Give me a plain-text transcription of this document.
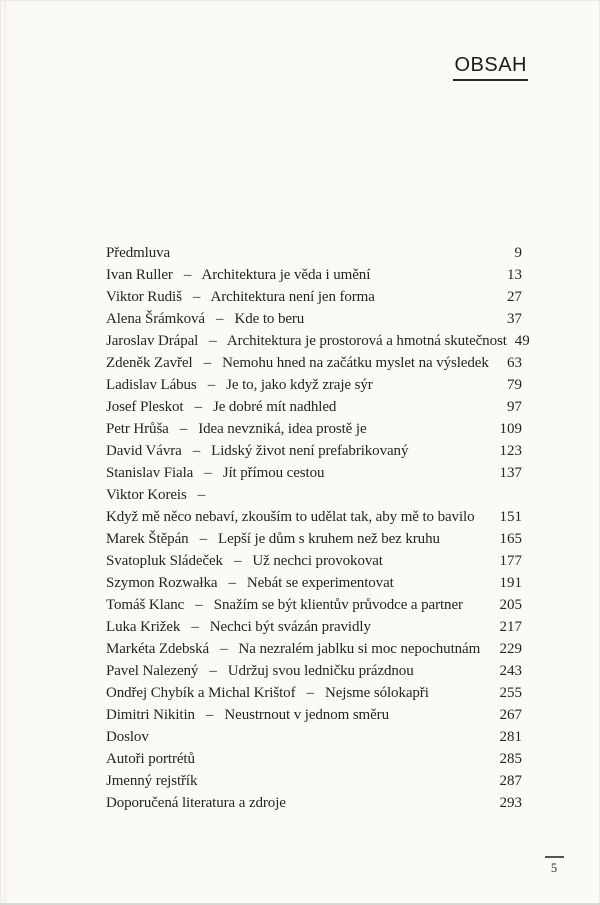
OBSAH
Předmluva	9
Ivan Ruller  –  Architektura je věda i umění	13
Viktor Rudiš  –  Architektura není jen forma	27
Alena Šrámková  –  Kde to beru	37
Jaroslav Drápal  –  Architektura je prostorová a hmotná skutečnost 49
Zdeněk Zavřel  –  Nemohu hned na začátku myslet na výsledek 63
Ladislav Lábus  –  Je to, jako když zraje sýr	79
Josef Pleskot  –  Je dobré mít nadhled	97
Petr Hrůša  –  Idea nevzniká, idea prostě je	109
David Vávra  –  Lidský život není prefabrikovaný	123
Stanislav Fiala  –  Jít přímou cestou	137
Viktor Koreis  –
Když mě něco nebaví, zkouším to udělat tak, aby mě to bavilo 151
Marek Štěpán  –  Lepší je dům s kruhem než bez kruhu	165
Svatopluk Sládeček  –  Už nechci provokovat	177
Szymon Rozwałka  –  Nebát se experimentovat	191
Tomáš Klanc  –  Snažím se být klientův průvodce a partner 205
Luka Križek  –  Nechci být svázán pravidly	217
Markéta Zdebská  –  Na nezralém jablku si moc nepochutnám 229
Pavel Nalezený  –  Udržuj svou ledničku prázdnou	243
Ondřej Chybík a Michal Krištof  –  Nejsme sólokapři	255
Dimitri Nikitin  –  Neustrnout v jednom směru	267
Doslov	281
Autoři portrétů	285
Jmenný rejstřík	287
Doporučená literatura a zdroje	293
5
